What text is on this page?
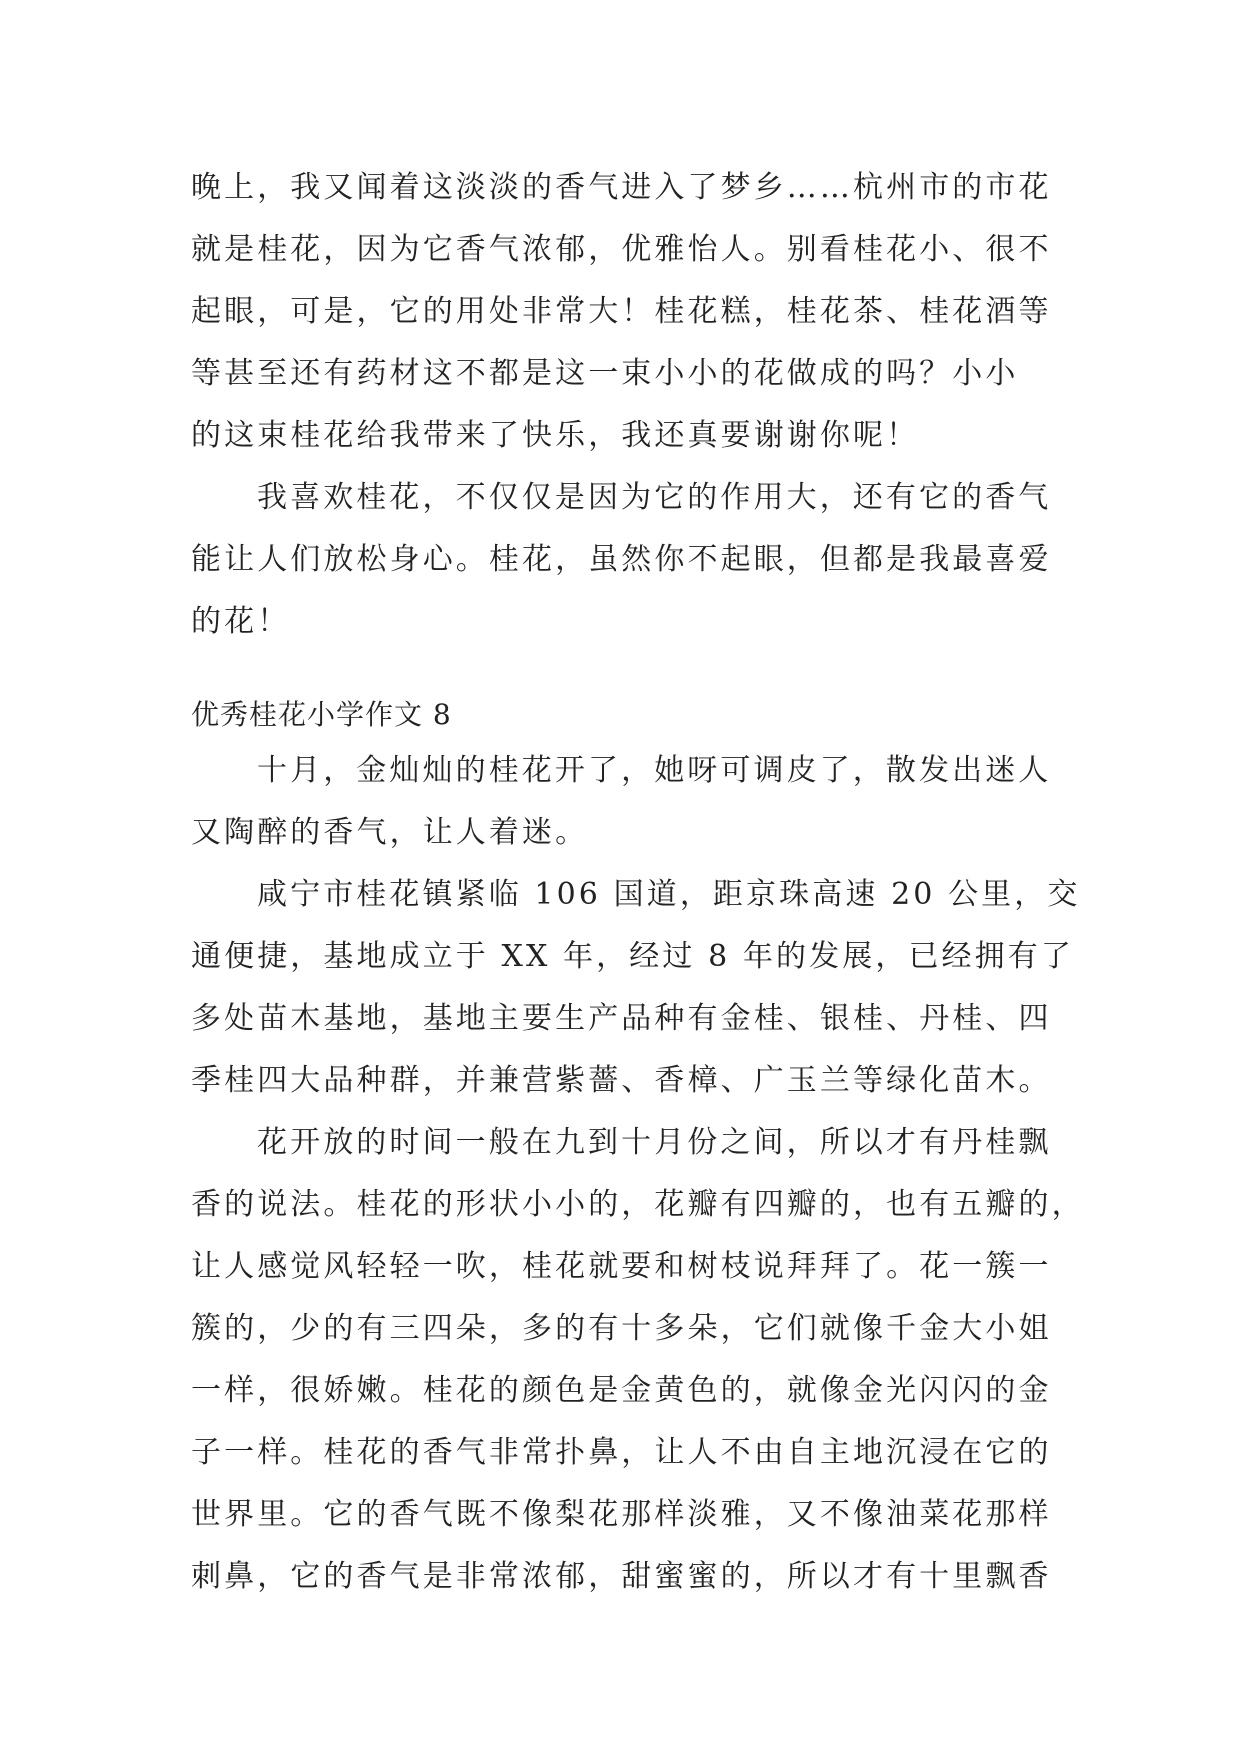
晚上，我又闻着这淡淡的香气进入了梦乡……杭州市的市花
就是桂花，因为它香气浓郁，优雅怡人。别看桂花小、很不
起眼，可是，它的用处非常大！桂花糕，桂花茶、桂花酒等
等甚至还有药材这不都是这一束小小的花做成的吗？小小
的这束桂花给我带来了快乐，我还真要谢谢你呢！
我喜欢桂花，不仅仅是因为它的作用大，还有它的香气
能让人们放松身心。桂花，虽然你不起眼，但都是我最喜爱
的花！
优秀桂花小学作文 8
十月，金灿灿的桂花开了，她呀可调皮了，散发出迷人
又陶醉的香气，让人着迷。
咸宁市桂花镇紧临 106 国道，距京珠高速 20 公里，交
通便捷，基地成立于 XX 年，经过 8 年的发展，已经拥有了
多处苗木基地，基地主要生产品种有金桂、银桂、丹桂、四
季桂四大品种群，并兼营紫薔、香樟、广玉兰等绿化苗木。
花开放的时间一般在九到十月份之间，所以才有丹桂飘
香的说法。桂花的形状小小的，花瓣有四瓣的，也有五瓣的，
让人感觉风轻轻一吹，桂花就要和树枝说拜拜了。花一簇一
簇的，少的有三四朵，多的有十多朵，它们就像千金大小姐
一样，很娇嫩。桂花的颜色是金黄色的，就像金光闪闪的金
子一样。桂花的香气非常扑鼻，让人不由自主地沉浸在它的
世界里。它的香气既不像梨花那样淡雅，又不像油菜花那样
刺鼻，它的香气是非常浓郁，甜蜜蜜的，所以才有十里飘香
